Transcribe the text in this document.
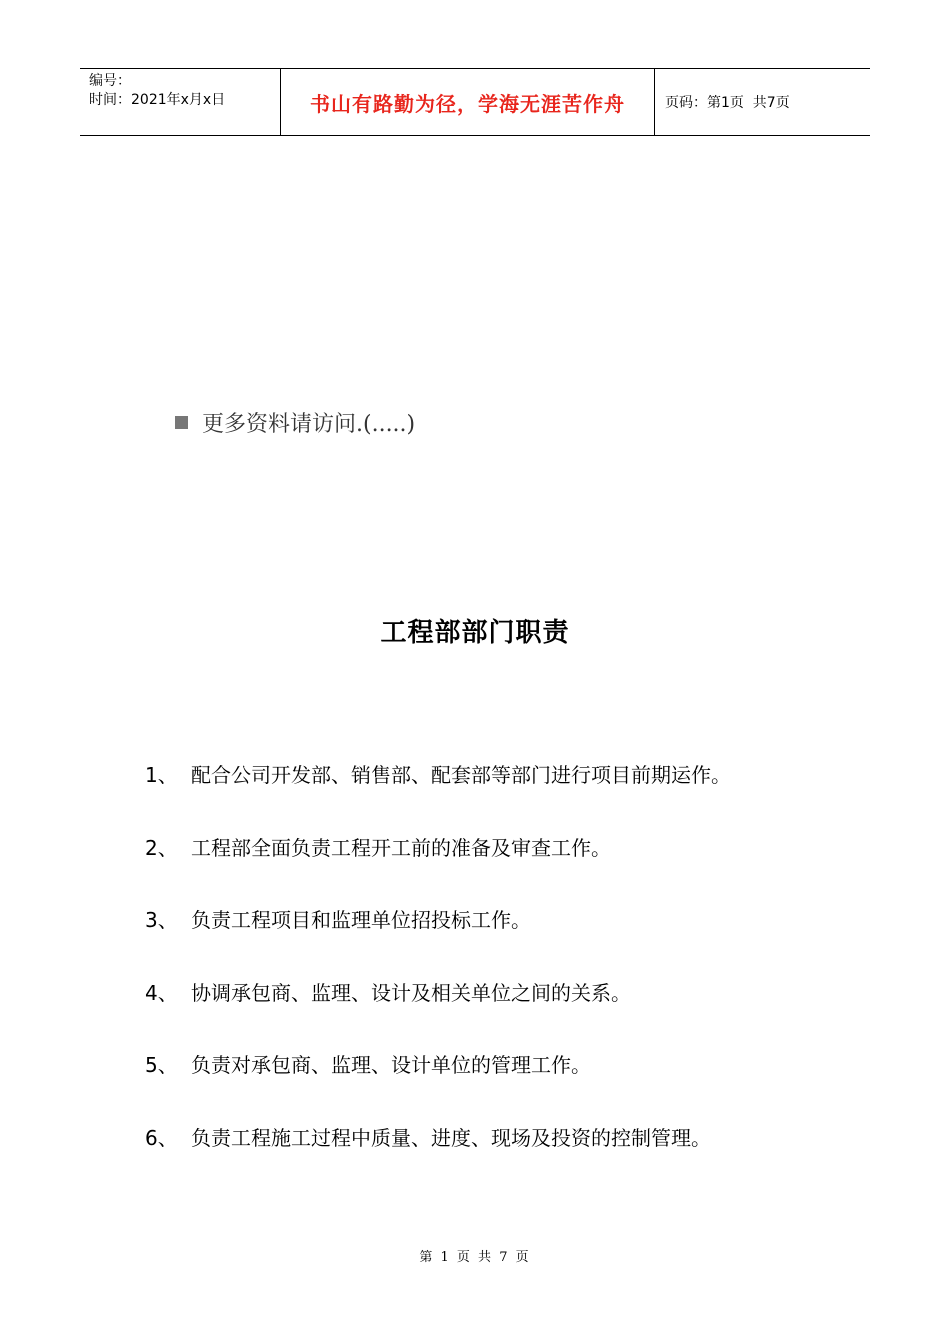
编号：
时间：2021年x月x日	书山有路勤为径，学海无涯苦作舟	页码：第1页  共7页
更多资料请访问.(.....)
工程部部门职责
1、 配合公司开发部、销售部、配套部等部门进行项目前期运作。
2、 工程部全面负责工程开工前的准备及审查工作。
3、 负责工程项目和监理单位招投标工作。
4、 协调承包商、监理、设计及相关单位之间的关系。
5、 负责对承包商、监理、设计单位的管理工作。
6、 负责工程施工过程中质量、进度、现场及投资的控制管理。
第 1 页 共 7 页
